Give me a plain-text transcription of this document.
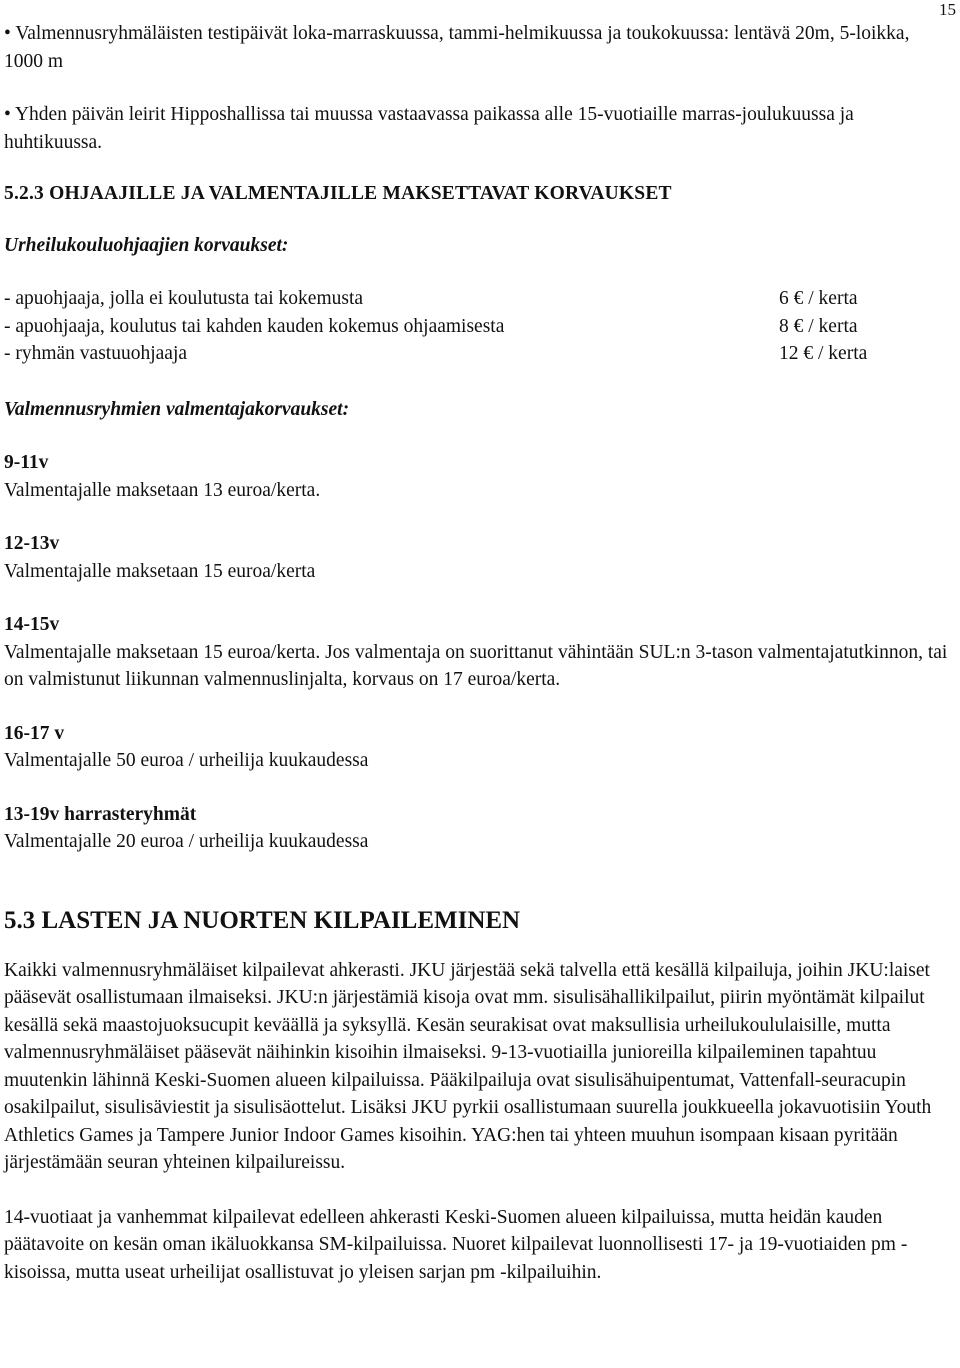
15

• Valmennusryhmäläisten testipäivät loka-marraskuussa, tammi-helmikuussa ja toukokuussa: lentävä 20m, 5-loikka, 1000 m

• Yhden päivän leirit Hipposhallissa tai muussa vastaavassa paikassa alle 15-vuotiaille marras-joulukuussa ja huhtikuussa.

5.2.3 OHJAAJILLE JA VALMENTAJILLE MAKSETTAVAT KORVAUKSET

Urheilukouluohjaajien korvaukset:

- apuohjaaja, jolla ei koulutusta tai kokemusta	6 € / kerta
- apuohjaaja, koulutus tai kahden kauden kokemus ohjaamisesta	8 € / kerta
- ryhmän vastuuohjaaja	12 € / kerta

Valmennusryhmien valmentajakorvaukset:

9-11v

Valmentajalle maksetaan 13 euroa/kerta.

12-13v

Valmentajalle maksetaan 15 euroa/kerta

14-15v

Valmentajalle maksetaan 15 euroa/kerta. Jos valmentaja on suorittanut vähintään SUL:n 3-tason valmentajatutkinnon, tai on valmistunut liikunnan valmennuslinjalta, korvaus on 17 euroa/kerta.

16-17 v

Valmentajalle 50 euroa / urheilija kuukaudessa

13-19v harrasteryhmät

Valmentajalle 20 euroa / urheilija kuukaudessa

5.3 LASTEN JA NUORTEN KILPAILEMINEN

Kaikki valmennusryhmäläiset kilpailevat ahkerasti. JKU järjestää sekä talvella että kesällä kilpailuja, joihin JKU:laiset pääsevät osallistumaan ilmaiseksi. JKU:n järjestämiä kisoja ovat mm. sisulisähallikilpailut, piirin myöntämät kilpailut kesällä sekä maastojuoksucupit keväällä ja syksyllä. Kesän seurakisat ovat maksullisia urheilukoululaisille, mutta valmennusryhmäläiset pääsevät näihinkin kisoihin ilmaiseksi. 9-13-vuotiailla junioreilla kilpaileminen tapahtuu muutenkin lähinnä Keski-Suomen alueen kilpailuissa. Pääkilpailuja ovat sisulisähuipentumat, Vattenfall-seuracupin osakilpailut, sisulisäviestit ja sisulisäottelut. Lisäksi JKU pyrkii osallistumaan suurella joukkueella jokavuotisiin Youth Athletics Games ja Tampere Junior Indoor Games kisoihin. YAG:hen tai yhteen muuhun isompaan kisaan pyritään järjestämään seuran yhteinen kilpailureissu.

14-vuotiaat ja vanhemmat kilpailevat edelleen ahkerasti Keski-Suomen alueen kilpailuissa, mutta heidän kauden päätavoite on kesän oman ikäluokkansa SM-kilpailuissa. Nuoret kilpailevat luonnollisesti 17- ja 19-vuotiaiden pm -kisoissa, mutta useat urheilijat osallistuvat jo yleisen sarjan pm -kilpailuihin.
